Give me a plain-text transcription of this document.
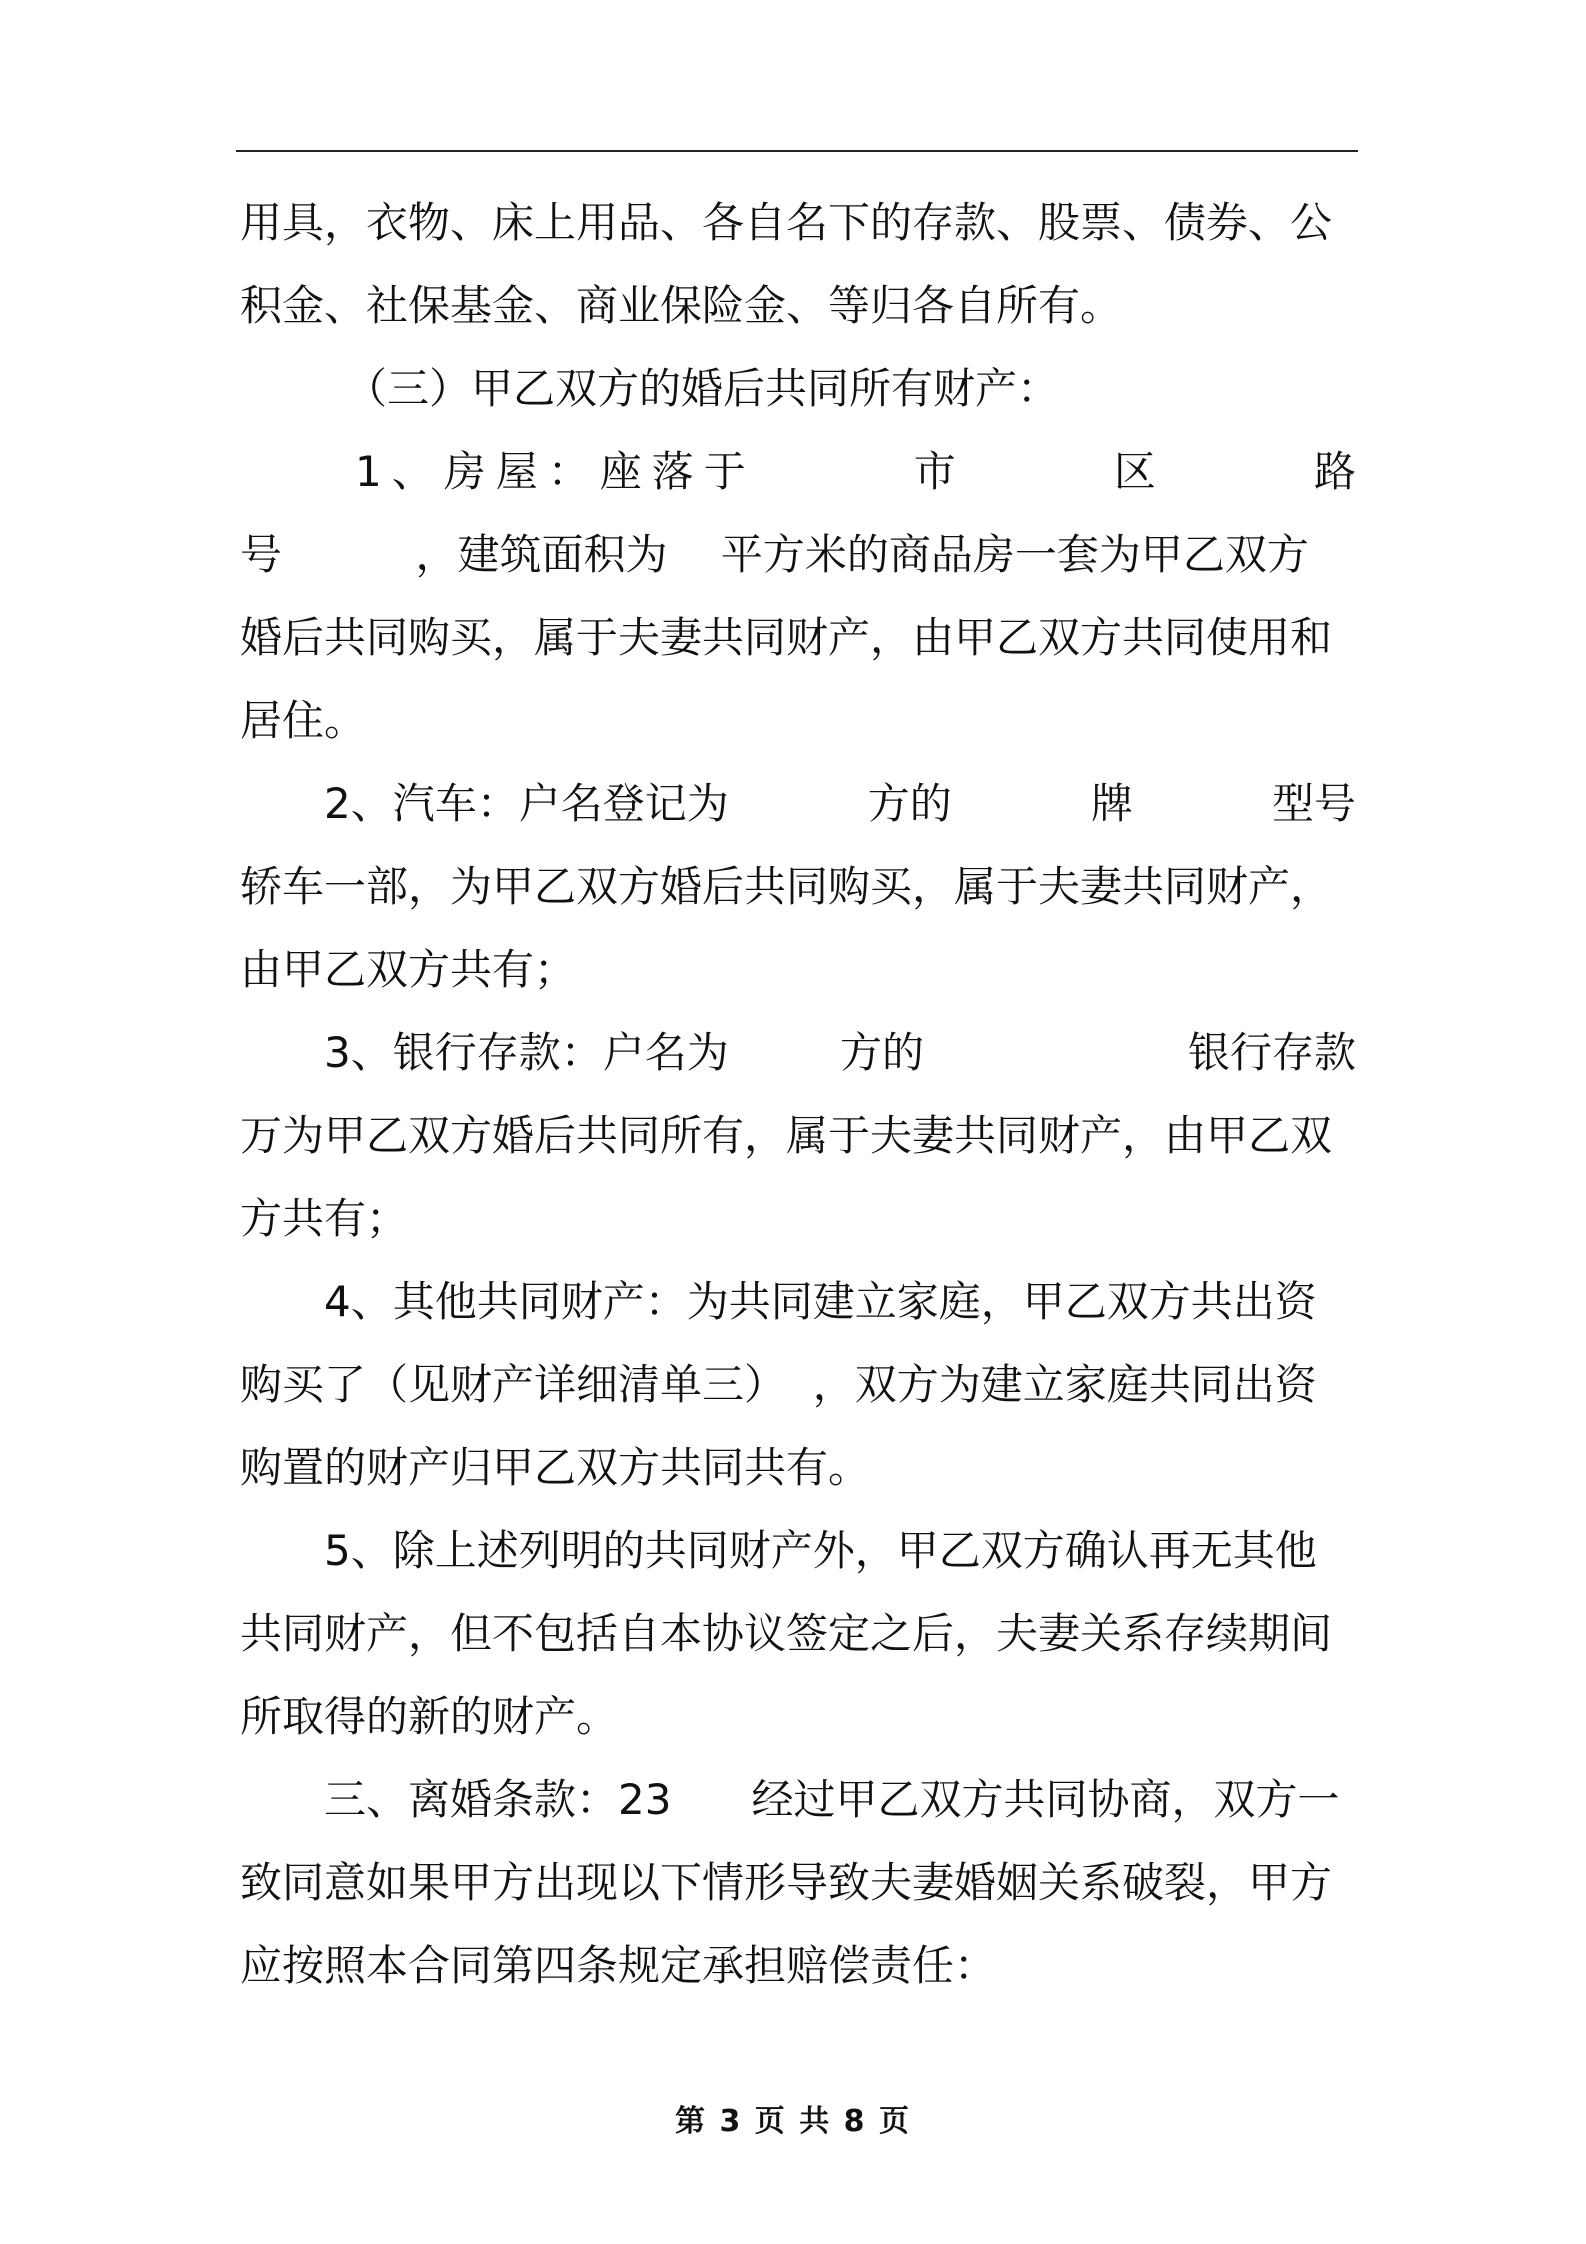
用具，衣物、床上用品、各自名下的存款、股票、债券、公
积金、社保基金、商业保险金、等归各自所有。
（三）甲乙双方的婚后共同所有财产：
1、房屋：座落于	市	区	路
号          ，建筑面积为    平方米的商品房一套为甲乙双方
婚后共同购买，属于夫妻共同财产，由甲乙双方共同使用和
居住。
2、汽车：户名登记为	方的	牌	型号
轿车一部，为甲乙双方婚后共同购买，属于夫妻共同财产，
由甲乙双方共有；
3、银行存款：户名为	方的	银行存款
万为甲乙双方婚后共同所有，属于夫妻共同财产，由甲乙双
方共有；
4、其他共同财产：为共同建立家庭，甲乙双方共出资
购买了（见财产详细清单三）  ，双方为建立家庭共同出资
购置的财产归甲乙双方共同共有。
5、除上述列明的共同财产外，甲乙双方确认再无其他
共同财产，但不包括自本协议签定之后，夫妻关系存续期间
所取得的新的财产。
三、离婚条款：23      经过甲乙双方共同协商，双方一
致同意如果甲方出现以下情形导致夫妻婚姻关系破裂，甲方
应按照本合同第四条规定承担赔偿责任：
第 3 页 共 8 页
